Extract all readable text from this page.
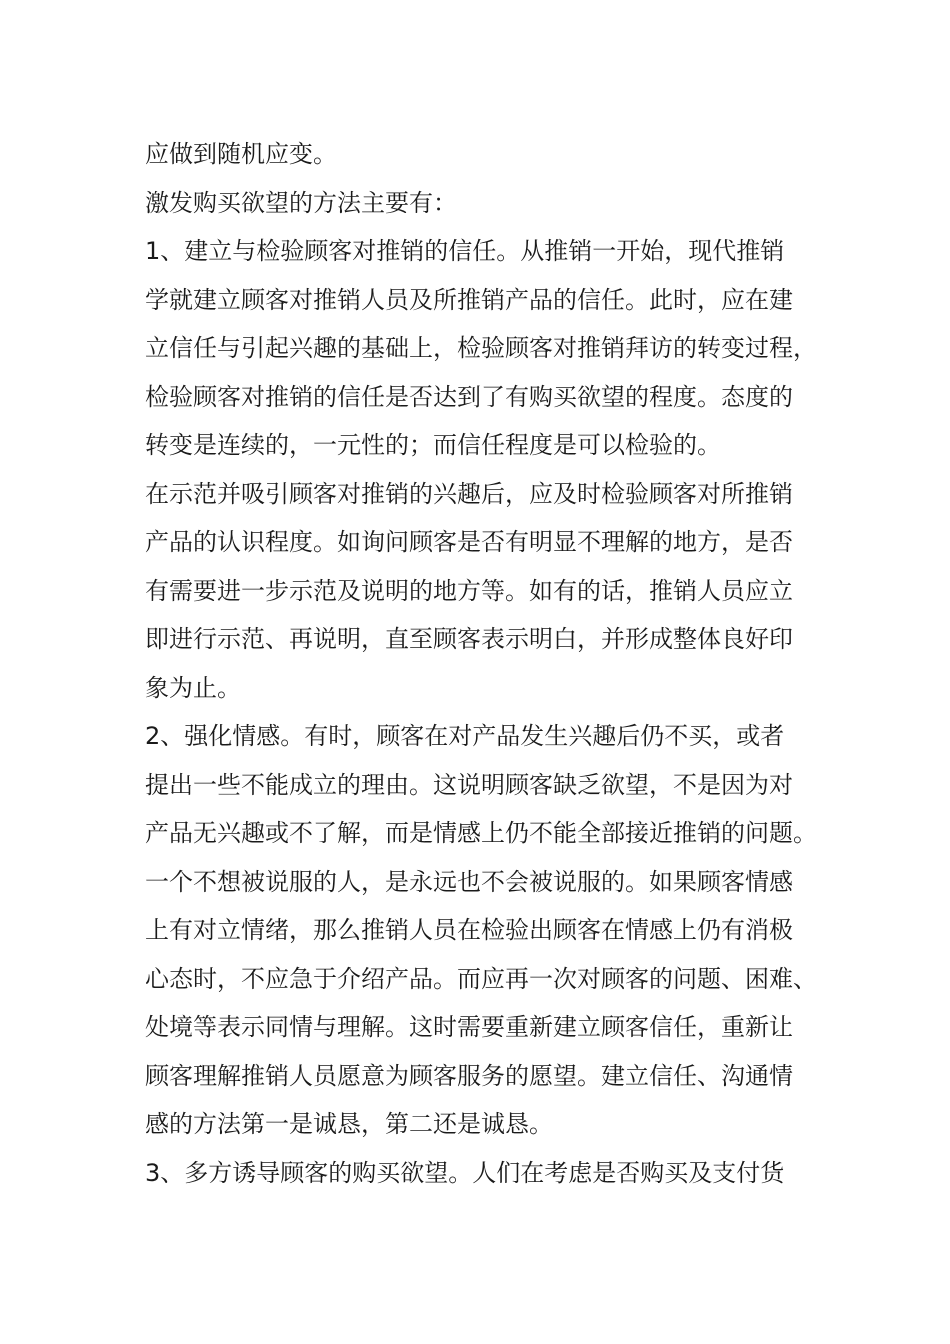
应做到随机应变。
激发购买欲望的方法主要有：
1、建立与检验顾客对推销的信任。从推销一开始，现代推销
学就建立顾客对推销人员及所推销产品的信任。此时，应在建
立信任与引起兴趣的基础上，检验顾客对推销拜访的转变过程，
检验顾客对推销的信任是否达到了有购买欲望的程度。态度的
转变是连续的，一元性的；而信任程度是可以检验的。
在示范并吸引顾客对推销的兴趣后，应及时检验顾客对所推销
产品的认识程度。如询问顾客是否有明显不理解的地方，是否
有需要进一步示范及说明的地方等。如有的话，推销人员应立
即进行示范、再说明，直至顾客表示明白，并形成整体良好印
象为止。
2、强化情感。有时，顾客在对产品发生兴趣后仍不买，或者
提出一些不能成立的理由。这说明顾客缺乏欲望，不是因为对
产品无兴趣或不了解，而是情感上仍不能全部接近推销的问题。
一个不想被说服的人，是永远也不会被说服的。如果顾客情感
上有对立情绪，那么推销人员在检验出顾客在情感上仍有消极
心态时，不应急于介绍产品。而应再一次对顾客的问题、困难、
处境等表示同情与理解。这时需要重新建立顾客信任，重新让
顾客理解推销人员愿意为顾客服务的愿望。建立信任、沟通情
感的方法第一是诚恳，第二还是诚恳。
3、多方诱导顾客的购买欲望。人们在考虑是否购买及支付货
